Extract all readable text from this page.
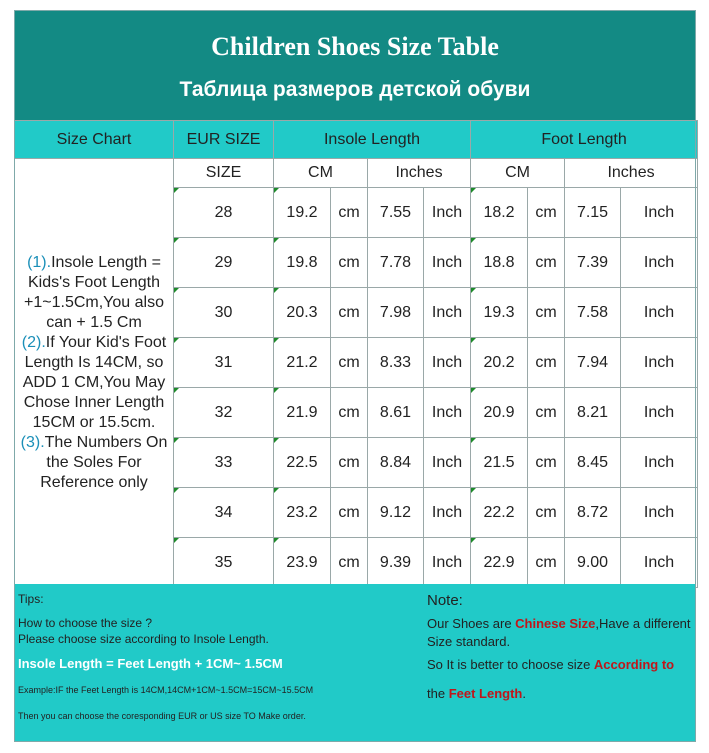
Children Shoes Size Table
Таблица размеров детской обуви
Size Chart	EUR SIZE	Insole Length				Foot Length			
(1).Insole Length = Kids's Foot Length +1~1.5Cm,You also can + 1.5 Cm
(2).If Your Kid's Foot Length Is 14CM, so ADD 1 CM,You May Chose Inner Length 15CM or 15.5cm.
(3).The Numbers On the Soles For Reference only	SIZE	CM		Inches		CM		Inches	
	28	19.2	cm	7.55	Inch	18.2	cm	7.15	Inch
	29	19.8	cm	7.78	Inch	18.8	cm	7.39	Inch
	30	20.3	cm	7.98	Inch	19.3	cm	7.58	Inch
	31	21.2	cm	8.33	Inch	20.2	cm	7.94	Inch
	32	21.9	cm	8.61	Inch	20.9	cm	8.21	Inch
	33	22.5	cm	8.84	Inch	21.5	cm	8.45	Inch
	34	23.2	cm	9.12	Inch	22.2	cm	8.72	Inch
	35	23.9	cm	9.39	Inch	22.9	cm	9.00	Inch
Tips:
How to choose the size ?
Please choose size according to Insole Length.
Insole Length = Feet Length + 1CM~ 1.5CM
Example:IF the Feet Length is 14CM,14CM+1CM~1.5CM=15CM~15.5CM
Then you can choose the coresponding EUR or US size TO Make order.
Note:
Our Shoes are Chinese Size,Have a different Size standard.
So It is better to choose size According to
the Feet Length.
